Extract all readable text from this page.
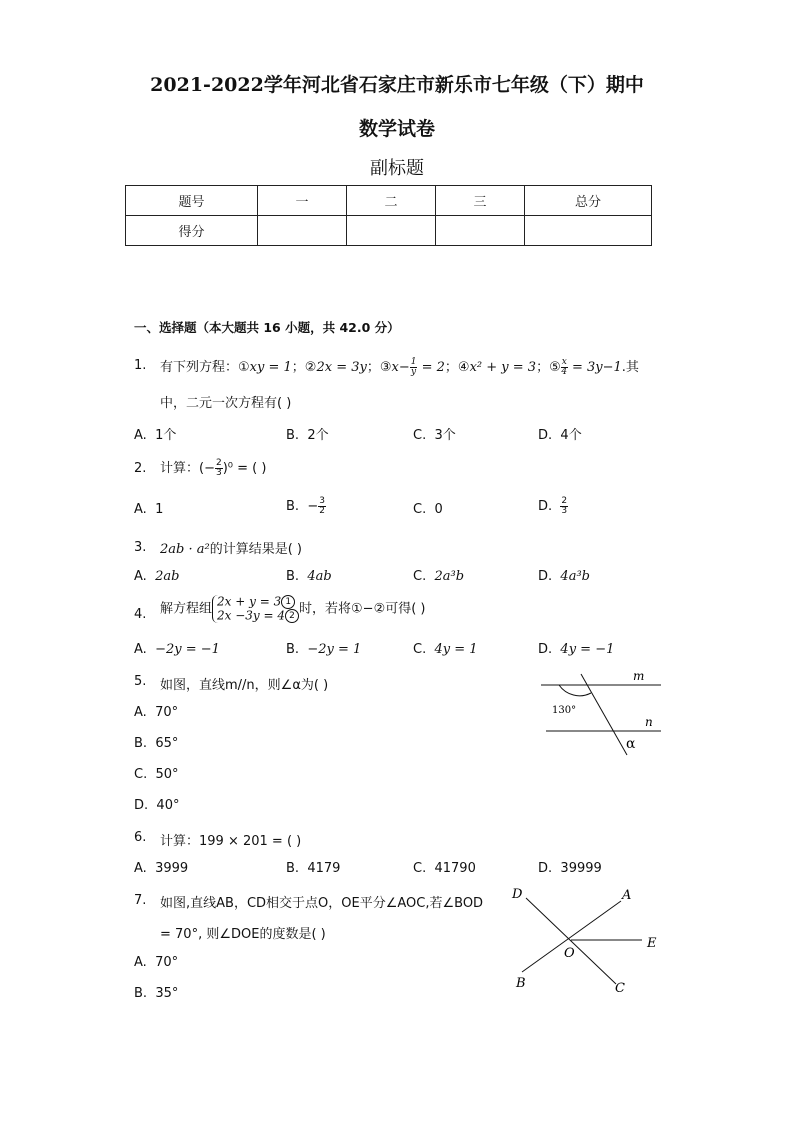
2021-2022学年河北省石家庄市新乐市七年级（下）期中
数学试卷
副标题
题号	一	二	三	总分
得分				
一、选择题（本大题共 16 小题，共 42.0 分）
1. 有下列方程：①xy = 1；②2x = 3y；③x− $\frac{1}{y} = 2$；④x² + y = 3；⑤ $\frac{x}{4} = 3y-1$.其
中，二元一次方程有( )
A. 1个	B. 2个	C. 3个	D. 4个
2. 计算：(− $\frac{2}{3} )^0$ = ( )
A. 1	B. − $\frac{3}{2}$	C. 0	D. $\frac{2}{3}$
3. 2ab · a²的计算结果是( )
A. 2ab	B. 4ab	C. 2a³b	D. 4a³b
4. 解方程组 2x + y = 3 1
2x −3y = 4 2 时，若将①−②可得( )
A. −2y = −1	B. −2y = 1	C. 4y = 1	D. 4y = −1
5. 如图，直线m//n，则∠α为( )
A. 70°
B. 65°
C. 50°
D. 40°
m
n
130°
α
6. 计算：199 × 201 = ( )
A. 3999	B. 4179	C. 41790	D. 39999
7. 如图,直线AB，CD相交于点O，OE平分∠AOC,若∠BOD
= 70°, 则∠DOE的度数是( )
A. 70°
B. 35°
D	A
E
O
B	C
